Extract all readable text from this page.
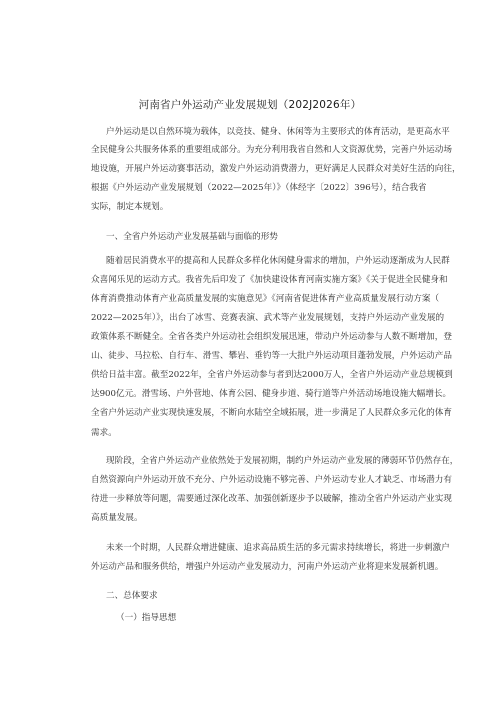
河南省户外运动产业发展规划（202J2026年）
户外运动是以自然环境为载体，以竞技、健身、休闲等为主要形式的体育活动，是更高水平
全民健身公共服务体系的重要组成部分。为充分利用我省自然和人文资源优势，完善户外运动场
地设施，开展户外运动赛事活动，激发户外运动消费潜力，更好满足人民群众对美好生活的向往，
根据《户外运动产业发展规划（2022—2025年）》（体经字〔2022〕396号），结合我省
实际，制定本规划。
一、全省户外运动产业发展基础与面临的形势
随着居民消费水平的提高和人民群众多样化休闲健身需求的增加，户外运动逐渐成为人民群
众喜闻乐见的运动方式。我省先后印发了《加快建设体育河南实施方案》《关于促进全民健身和
体育消费推动体育产业高质量发展的实施意见》《河南省促进体育产业高质量发展行动方案（
2022—2025年）》，出台了冰雪、竞赛表演、武术等产业发展规划，支持户外运动产业发展的
政策体系不断健全。全省各类户外运动社会组织发展迅速，带动户外运动参与人数不断增加，登
山、徒步、马拉松、自行车、滑雪、攀岩、垂钓等一大批户外运动项目蓬勃发展，户外运动产品
供给日益丰富。截至2022年，全省户外运动参与者到达2000万人，全省户外运动产业总规模到
达900亿元。滑雪场、户外营地、体育公园、健身步道、骑行道等户外活动场地设施大幅增长。
全省户外运动产业实现快速发展，不断向水陆空全域拓展，进一步满足了人民群众多元化的体育
需求。
现阶段，全省户外运动产业依然处于发展初期，制约户外运动产业发展的薄弱环节仍然存在，
自然资源向户外运动开放不充分、户外运动设施不够完善、户外运动专业人才缺乏、市场潜力有
待进一步释放等问题，需要通过深化改革、加强创新逐步予以破解，推动全省户外运动产业实现
高质量发展。
未来一个时期，人民群众增进健康、追求高品质生活的多元需求持续增长，将进一步刺激户
外运动产品和服务供给，增强户外运动产业发展动力，河南户外运动产业将迎来发展新机遇。
二、总体要求
（一）指导思想
